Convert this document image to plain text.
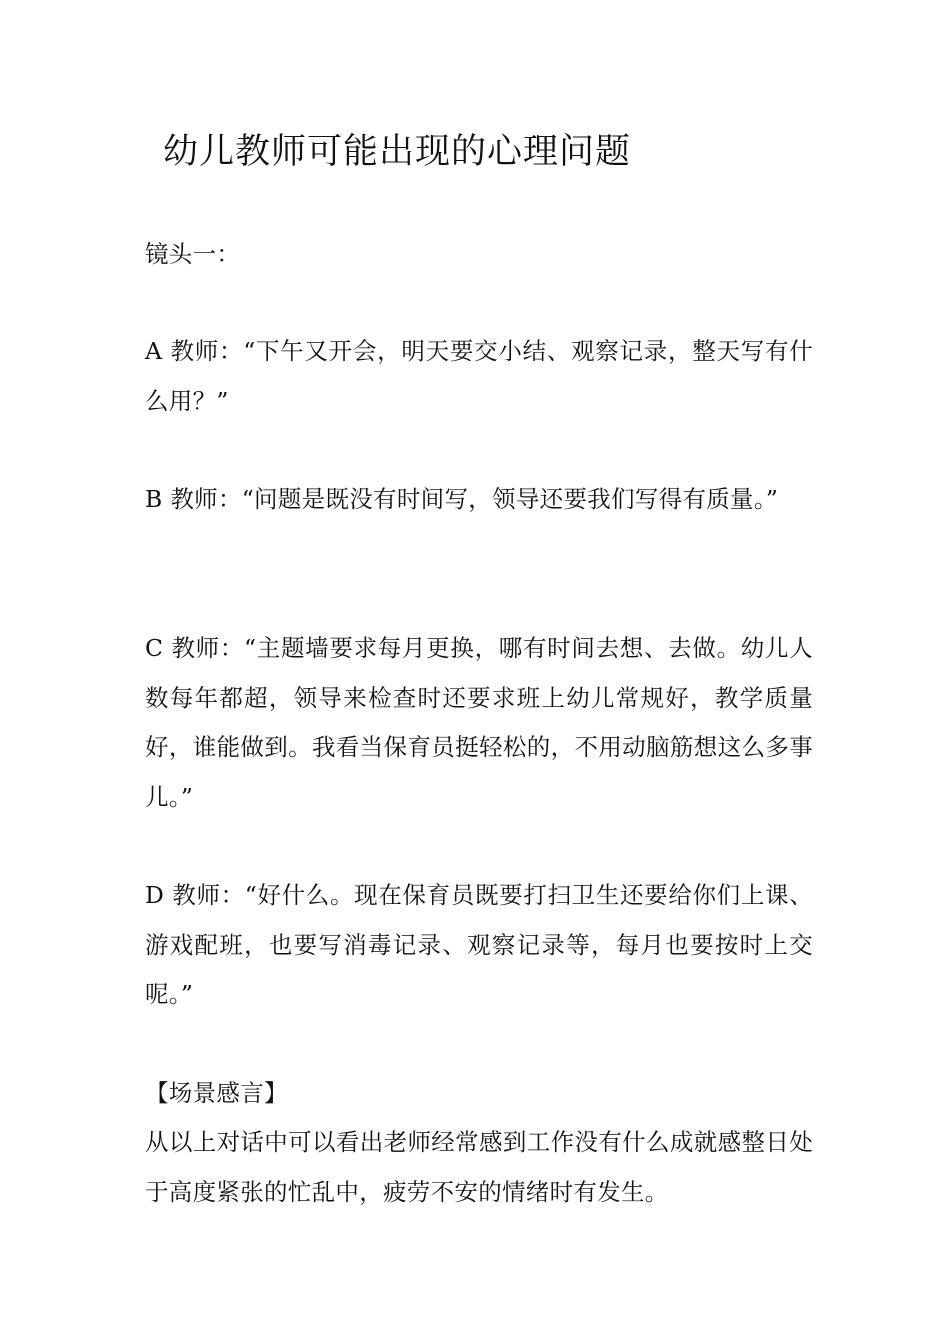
幼儿教师可能出现的心理问题
镜头一：
A 教师：“下午又开会，明天要交小结、观察记录，整天写有什么用？”
B 教师：“问题是既没有时间写，领导还要我们写得有质量。”
C 教师：“主题墙要求每月更换，哪有时间去想、去做。幼儿人数每年都超，领导来检查时还要求班上幼儿常规好，教学质量好，谁能做到。我看当保育员挺轻松的，不用动脑筋想这么多事儿。”
D 教师：“好什么。现在保育员既要打扫卫生还要给你们上课、游戏配班，也要写消毒记录、观察记录等，每月也要按时上交呢。”
【场景感言】
从以上对话中可以看出老师经常感到工作没有什么成就感整日处于高度紧张的忙乱中，疲劳不安的情绪时有发生。
